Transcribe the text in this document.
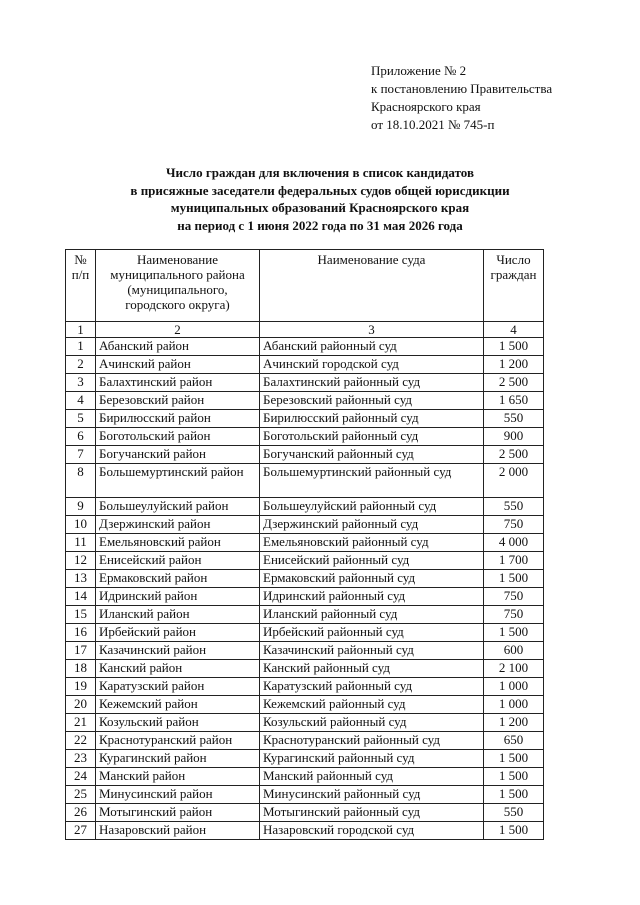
Приложение № 2
к постановлению Правительства
Красноярского края
от 18.10.2021 № 745-п
Число граждан для включения в список кандидатов
в присяжные заседатели федеральных судов общей юрисдикции
муниципальных образований Красноярского края
на период с 1 июня 2022 года по 31 мая 2026 года
№ п/п	Наименование муниципального района (муниципального, городского округа)	Наименование суда	Число граждан
1	2	3	4
1	Абанский район	Абанский районный суд	1 500
2	Ачинский район	Ачинский городской суд	1 200
3	Балахтинский район	Балахтинский районный суд	2 500
4	Березовский район	Березовский районный суд	1 650
5	Бирилюсский район	Бирилюсский районный суд	550
6	Боготольский район	Боготольский районный суд	900
7	Богучанский район	Богучанский районный суд	2 500
8	Большемуртинский район	Большемуртинский районный суд	2 000
9	Большеулуйский район	Большеулуйский районный суд	550
10	Дзержинский район	Дзержинский районный суд	750
11	Емельяновский район	Емельяновский районный суд	4 000
12	Енисейский район	Енисейский районный суд	1 700
13	Ермаковский район	Ермаковский районный суд	1 500
14	Идринский район	Идринский районный суд	750
15	Иланский район	Иланский районный суд	750
16	Ирбейский район	Ирбейский районный суд	1 500
17	Казачинский район	Казачинский районный суд	600
18	Канский район	Канский районный суд	2 100
19	Каратузский район	Каратузский районный суд	1 000
20	Кежемский район	Кежемский районный суд	1 000
21	Козульский район	Козульский районный суд	1 200
22	Краснотуранский район	Краснотуранский районный суд	650
23	Курагинский район	Курагинский районный суд	1 500
24	Манский район	Манский районный суд	1 500
25	Минусинский район	Минусинский районный суд	1 500
26	Мотыгинский район	Мотыгинский районный суд	550
27	Назаровский район	Назаровский городской суд	1 500
